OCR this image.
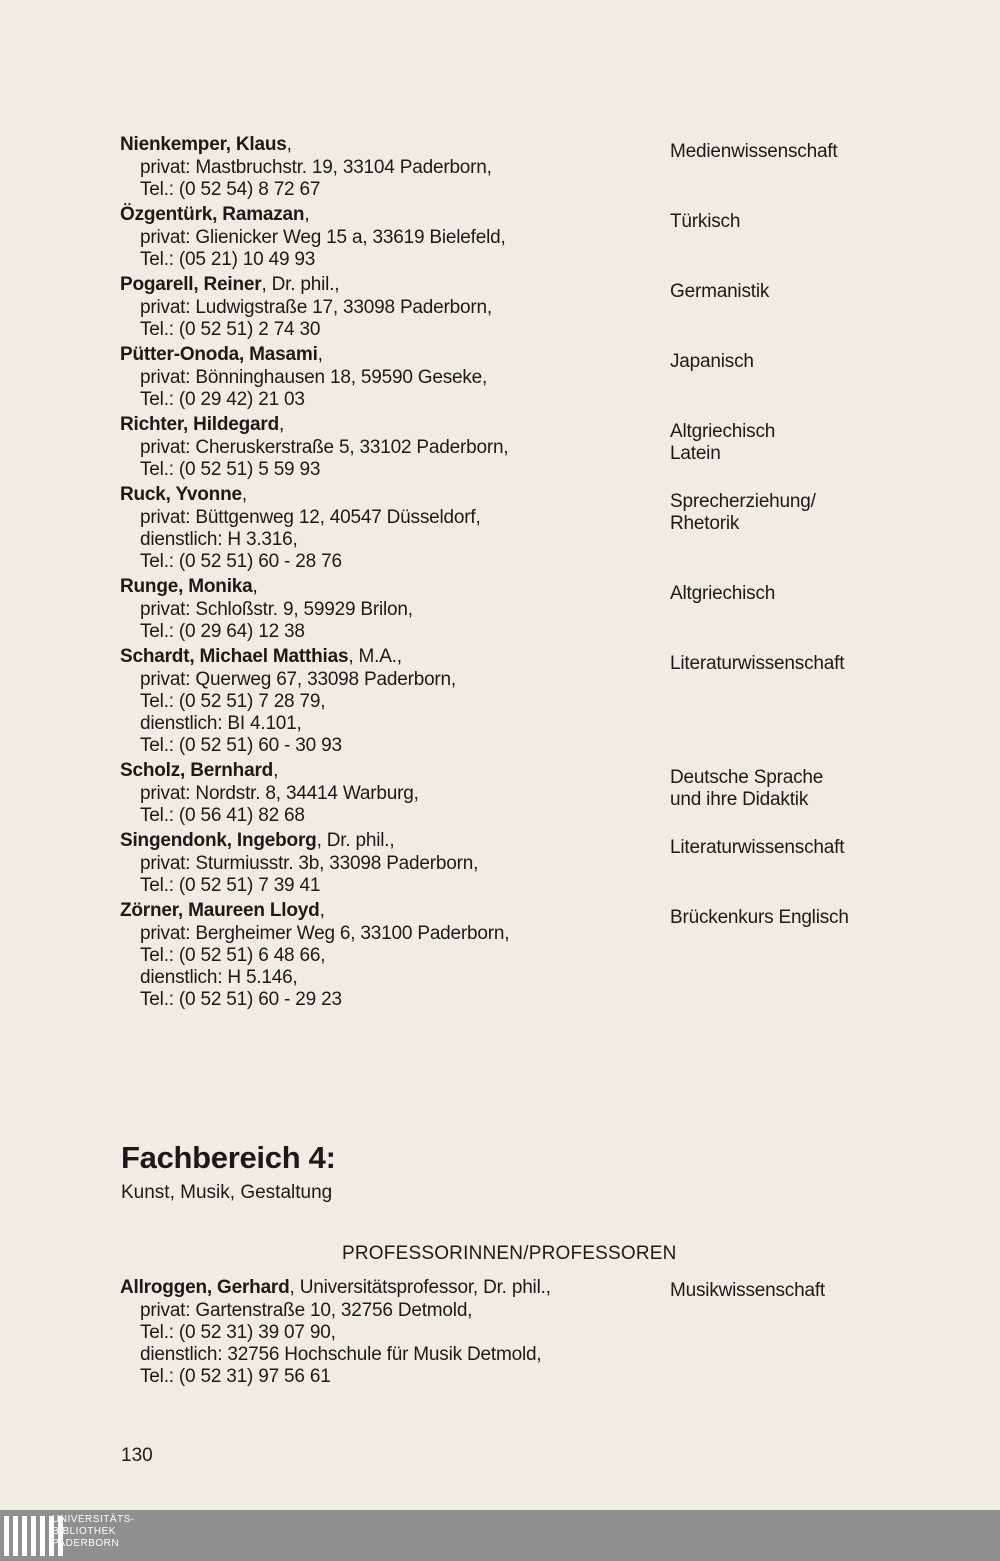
Nienkemper, Klaus,
privat: Mastbruchstr. 19, 33104 Paderborn,
Tel.: (0 52 54) 8 72 67
Medienwissenschaft
Özgentürk, Ramazan,
privat: Glienicker Weg 15 a, 33619 Bielefeld,
Tel.: (05 21) 10 49 93
Türkisch
Pogarell, Reiner, Dr. phil.,
privat: Ludwigstraße 17, 33098 Paderborn,
Tel.: (0 52 51) 2 74 30
Germanistik
Pütter-Onoda, Masami,
privat: Bönninghausen 18, 59590 Geseke,
Tel.: (0 29 42) 21 03
Japanisch
Richter, Hildegard,
privat: Cheruskerstraße 5, 33102 Paderborn,
Tel.: (0 52 51) 5 59 93
Altgriechisch
Latein
Ruck, Yvonne,
privat: Büttgenweg 12, 40547 Düsseldorf,
dienstlich: H 3.316,
Tel.: (0 52 51) 60 - 28 76
Sprecherziehung/
Rhetorik
Runge, Monika,
privat: Schloßstr. 9, 59929 Brilon,
Tel.: (0 29 64) 12 38
Altgriechisch
Schardt, Michael Matthias, M.A.,
privat: Querweg 67, 33098 Paderborn,
Tel.: (0 52 51) 7 28 79,
dienstlich: BI 4.101,
Tel.: (0 52 51) 60 - 30 93
Literaturwissenschaft
Scholz, Bernhard,
privat: Nordstr. 8, 34414 Warburg,
Tel.: (0 56 41) 82 68
Deutsche Sprache
und ihre Didaktik
Singendonk, Ingeborg, Dr. phil.,
privat: Sturmiusstr. 3b, 33098 Paderborn,
Tel.: (0 52 51) 7 39 41
Literaturwissenschaft
Zörner, Maureen Lloyd,
privat: Bergheimer Weg 6, 33100 Paderborn,
Tel.: (0 52 51) 6 48 66,
dienstlich: H 5.146,
Tel.: (0 52 51) 60 - 29 23
Brückenkurs Englisch
Fachbereich 4:
Kunst, Musik, Gestaltung
PROFESSORINNEN/PROFESSOREN
Allroggen, Gerhard, Universitätsprofessor, Dr. phil.,
privat: Gartenstraße 10, 32756 Detmold,
Tel.: (0 52 31) 39 07 90,
dienstlich: 32756 Hochschule für Musik Detmold,
Tel.: (0 52 31) 97 56 61
Musikwissenschaft
130
UNIVERSITÄTS-
BIBLIOTHEK
PADERBORN
